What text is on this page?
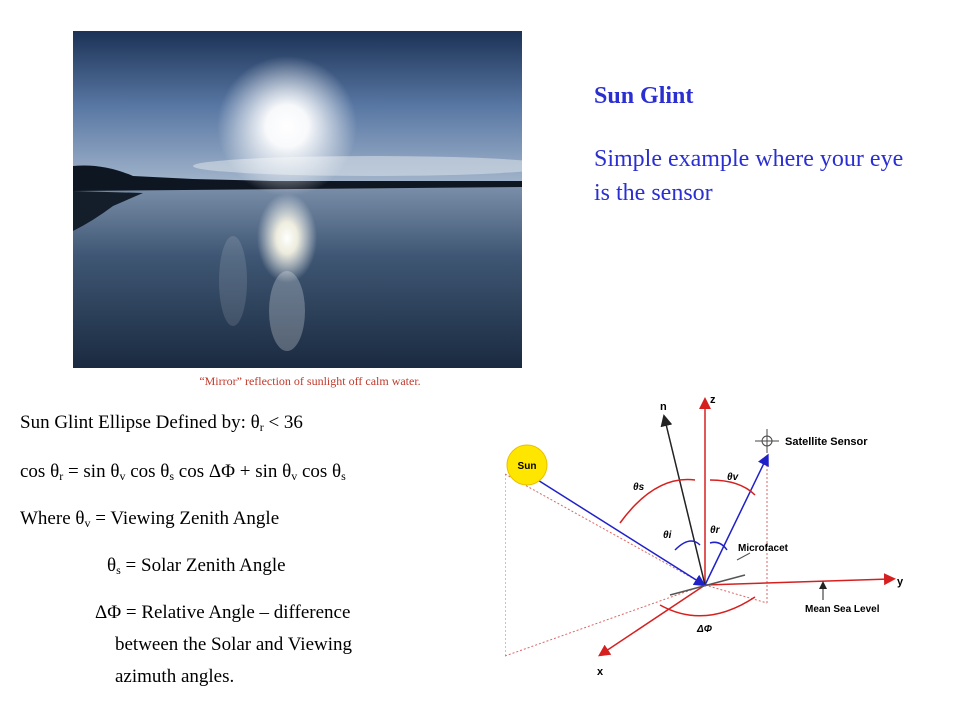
“Mirror” reflection of sunlight off calm water.
Sun Glint
Simple example where your eye is the sensor
Sun Glint Ellipse Defined by: $\theta_r < 36$
$\cos \theta_r = \sin \theta_v$ $\cos \theta_s$ $\cos \Delta\Phi + \sin \theta_v$ $\cos \theta_s$
Where $\theta_v$ = Viewing Zenith Angle
$\theta_s$ = Solar Zenith Angle
ΔΦ = Relative Angle – difference
between the Solar and Viewing
azimuth angles.
Sun
Satellite Sensor
z
n
y
x
Microfacet
Mean Sea Level
θs
θv
θi	θr
ΔΦ
